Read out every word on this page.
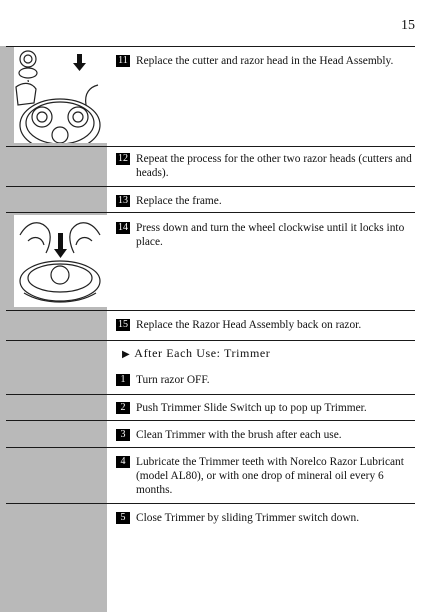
15
11 Replace the cutter and razor head in the Head Assembly.
12 Repeat the process for the other two razor heads (cutters and heads).
13 Replace the frame.
14 Press down and turn the wheel clockwise until it locks into place.
15 Replace the Razor Head Assembly back on razor.
▶ After Each Use: Trimmer
1 Turn razor OFF.
2 Push Trimmer Slide Switch up to pop up Trimmer.
3 Clean Trimmer with the brush after each use.
4 Lubricate the Trimmer teeth with Norelco Razor Lubricant (model AL80), or with one drop of mineral oil every 6 months.
5 Close Trimmer by sliding Trimmer switch down.
